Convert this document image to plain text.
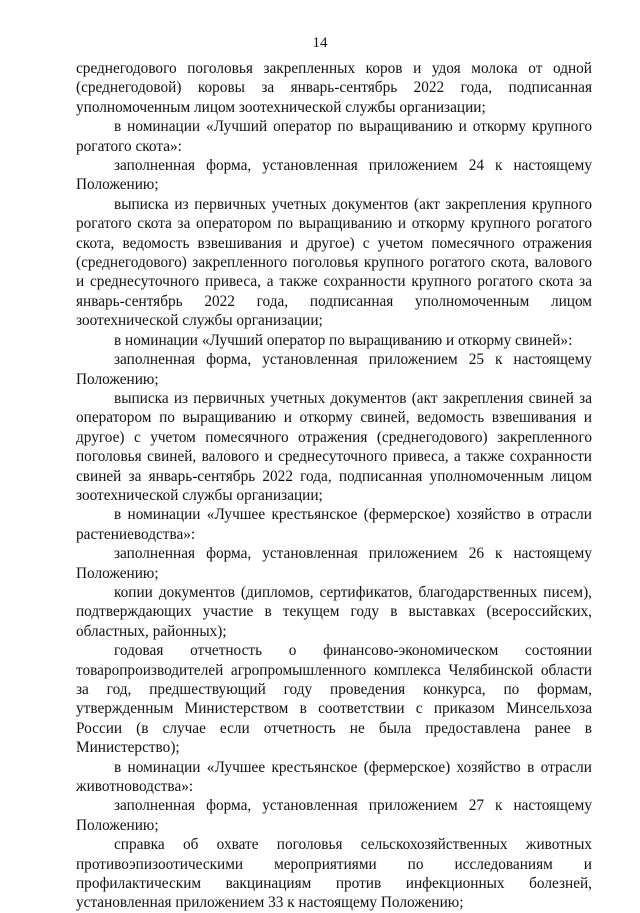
14

среднегодового поголовья закрепленных коров и удоя молока от одной (среднегодовой) коровы за январь-сентябрь 2022 года, подписанная уполномоченным лицом зоотехнической службы организации;

в номинации «Лучший оператор по выращиванию и откорму крупного рогатого скота»:

заполненная форма, установленная приложением 24 к настоящему Положению;

выписка из первичных учетных документов (акт закрепления крупного рогатого скота за оператором по выращиванию и откорму крупного рогатого скота, ведомость взвешивания и другое) с учетом помесячного отражения (среднегодового) закрепленного поголовья крупного рогатого скота, валового и среднесуточного привеса, а также сохранности крупного рогатого скота за январь-сентябрь 2022 года, подписанная уполномоченным лицом зоотехнической службы организации;

в номинации «Лучший оператор по выращиванию и откорму свиней»:

заполненная форма, установленная приложением 25 к настоящему Положению;

выписка из первичных учетных документов (акт закрепления свиней за оператором по выращиванию и откорму свиней, ведомость взвешивания и другое) с учетом помесячного отражения (среднегодового) закрепленного поголовья свиней, валового и среднесуточного привеса, а также сохранности свиней за январь-сентябрь 2022 года, подписанная уполномоченным лицом зоотехнической службы организации;

в номинации «Лучшее крестьянское (фермерское) хозяйство в отрасли растениеводства»:

заполненная форма, установленная приложением 26 к настоящему Положению;

копии документов (дипломов, сертификатов, благодарственных писем), подтверждающих участие в текущем году в выставках (всероссийских, областных, районных);

годовая отчетность о финансово-экономическом состоянии товаропроизводителей агропромышленного комплекса Челябинской области за год, предшествующий году проведения конкурса, по формам, утвержденным Министерством в соответствии с приказом Минсельхоза России (в случае если отчетность не была предоставлена ранее в Министерство);

в номинации «Лучшее крестьянское (фермерское) хозяйство в отрасли животноводства»:

заполненная форма, установленная приложением 27 к настоящему Положению;

справка об охвате поголовья сельскохозяйственных животных противоэпизоотическими мероприятиями по исследованиям и профилактическим вакцинациям против инфекционных болезней, установленная приложением 33 к настоящему Положению;
